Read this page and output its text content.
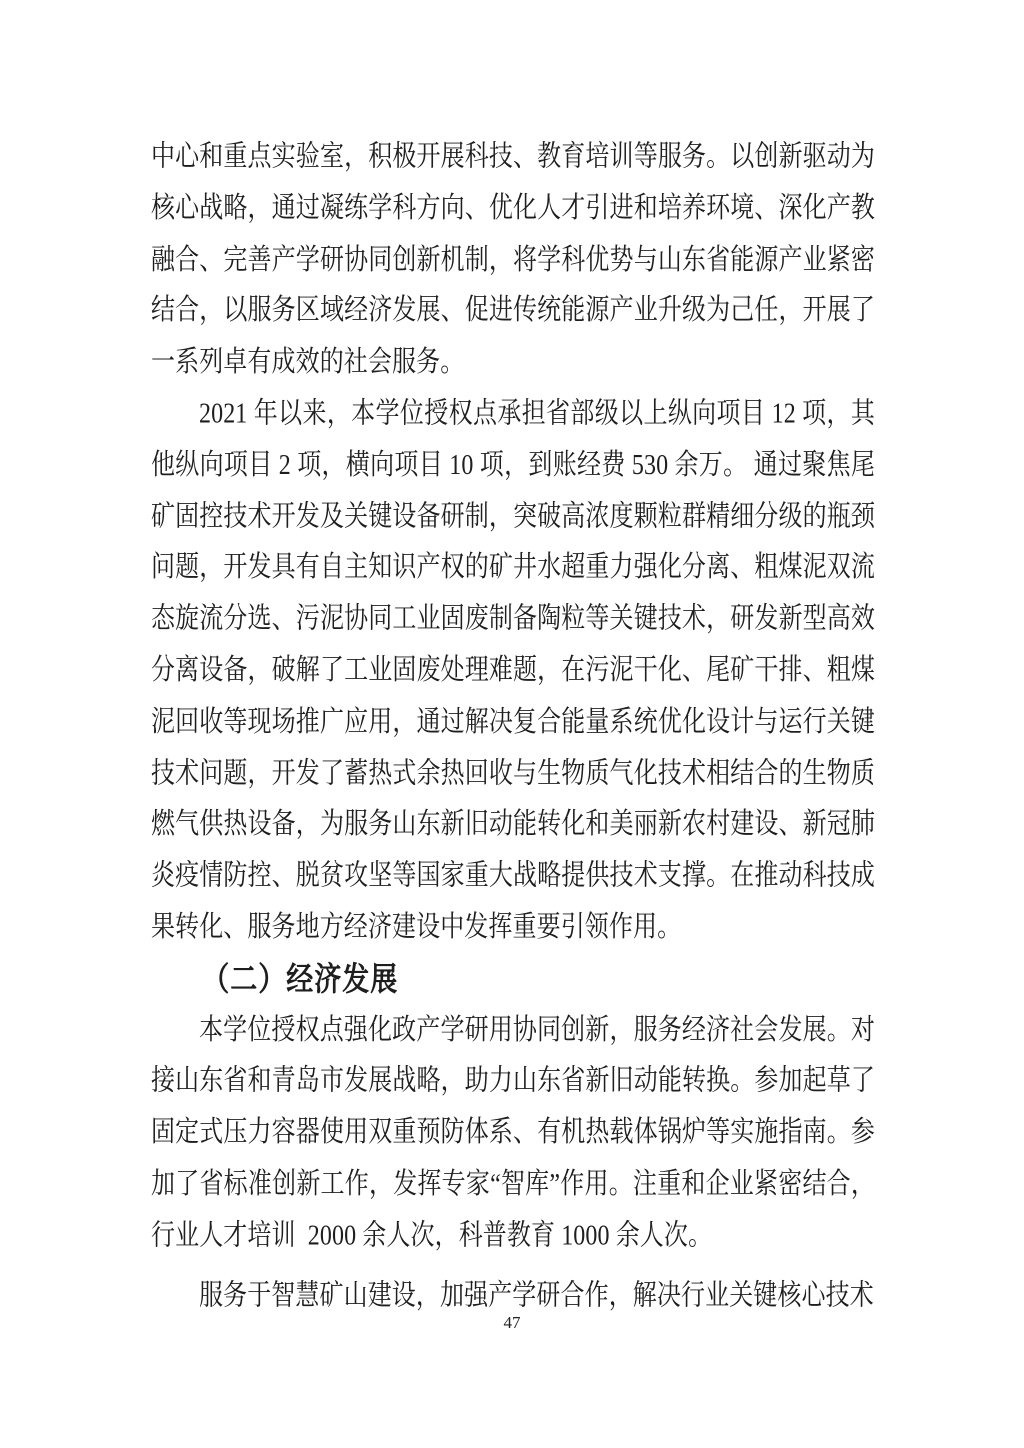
中心和重点实验室，积极开展科技、教育培训等服务。以创新驱动为核心战略，通过凝练学科方向、优化人才引进和培养环境、深化产教融合、完善产学研协同创新机制，将学科优势与山东省能源产业紧密结合，以服务区域经济发展、促进传统能源产业升级为己任，开展了一系列卓有成效的社会服务。

2021 年以来，本学位授权点承担省部级以上纵向项目 12 项，其他纵向项目 2 项，横向项目 10 项，到账经费 530 余万。 通过聚焦尾矿固控技术开发及关键设备研制，突破高浓度颗粒群精细分级的瓶颈问题，开发具有自主知识产权的矿井水超重力强化分离、粗煤泥双流态旋流分选、污泥协同工业固废制备陶粒等关键技术，研发新型高效分离设备，破解了工业固废处理难题，在污泥干化、尾矿干排、粗煤泥回收等现场推广应用，通过解决复合能量系统优化设计与运行关键技术问题，开发了蓄热式余热回收与生物质气化技术相结合的生物质燃气供热设备，为服务山东新旧动能转化和美丽新农村建设、新冠肺炎疫情防控、脱贫攻坚等国家重大战略提供技术支撑。在推动科技成果转化、服务地方经济建设中发挥重要引领作用。

（二）经济发展

本学位授权点强化政产学研用协同创新，服务经济社会发展。对接山东省和青岛市发展战略，助力山东省新旧动能转换。参加起草了固定式压力容器使用双重预防体系、有机热载体锅炉等实施指南。参加了省标准创新工作，发挥专家“智库”作用。注重和企业紧密结合，行业人才培训  2000 余人次，科普教育 1000 余人次。

服务于智慧矿山建设，加强产学研合作，解决行业关键核心技术

47
